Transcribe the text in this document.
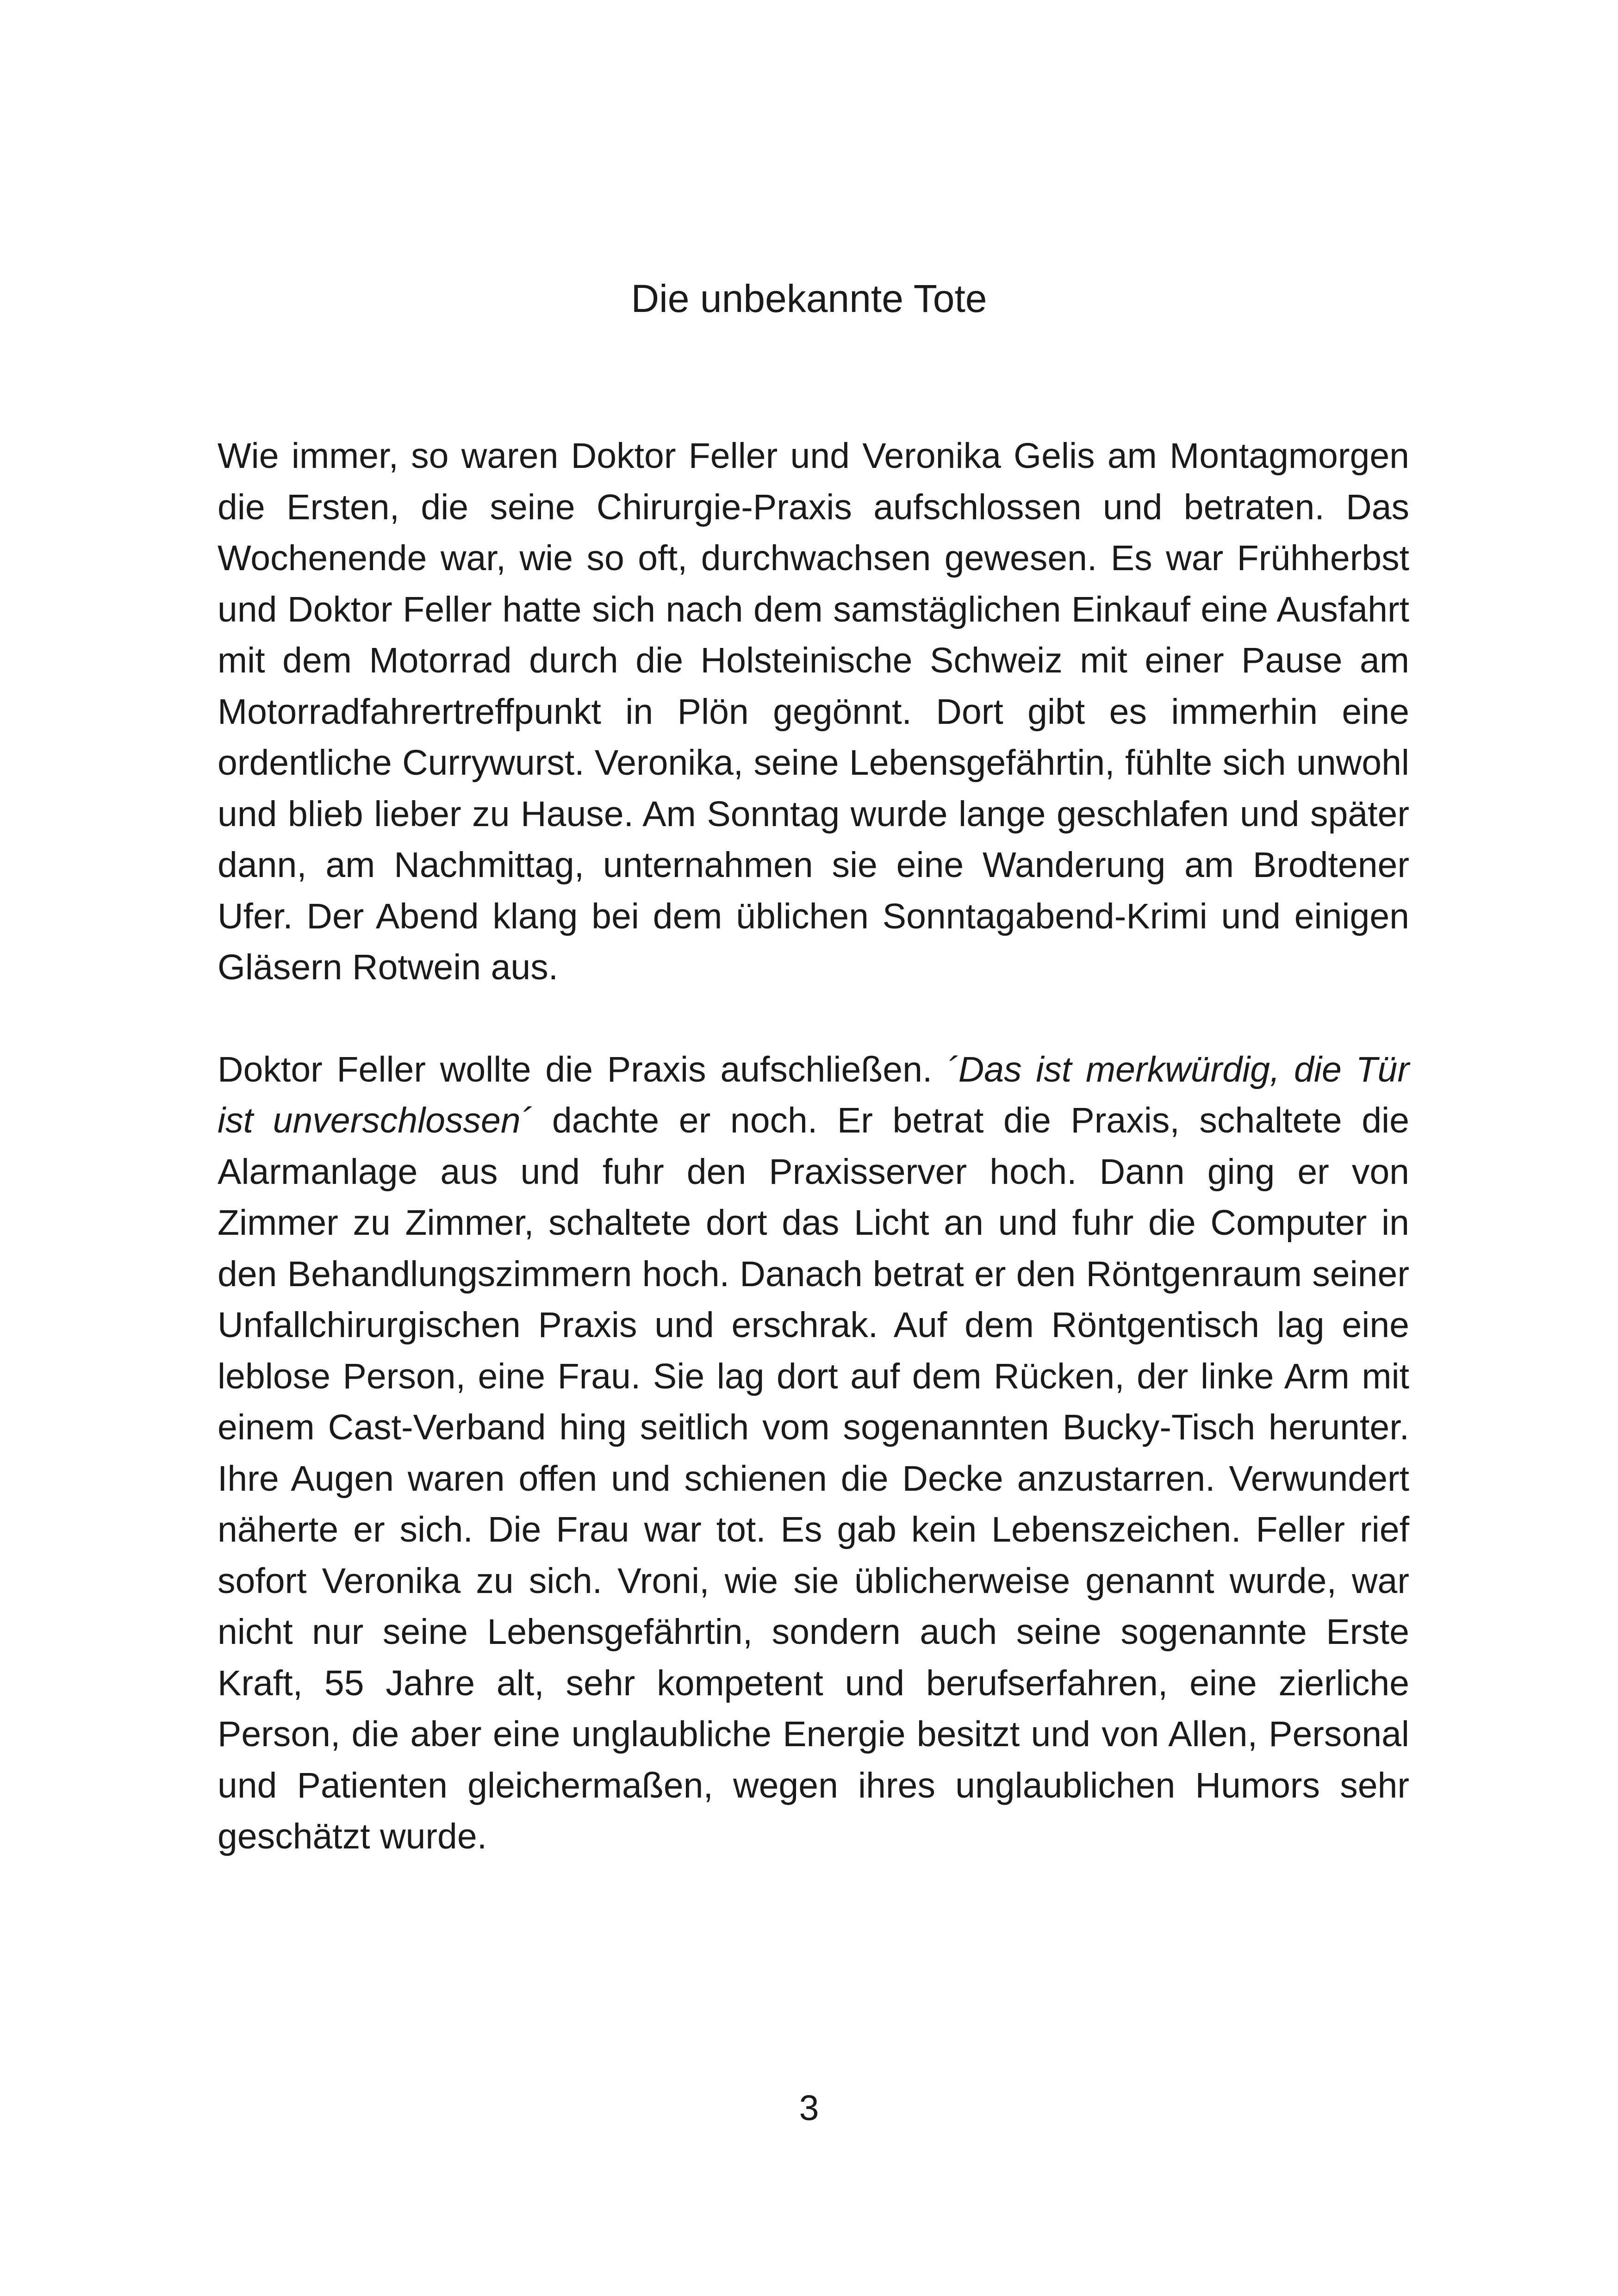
Die unbekannte Tote

Wie immer, so waren Doktor Feller und Veronika Gelis am Montagmorgen die Ersten, die seine Chirurgie-Praxis aufschlossen und betraten. Das Wochenende war, wie so oft, durchwachsen gewesen. Es war Frühherbst und Doktor Feller hatte sich nach dem samstäglichen Einkauf eine Ausfahrt mit dem Motorrad durch die Holsteinische Schweiz mit einer Pause am Motorradfahrertreffpunkt in Plön gegönnt. Dort gibt es immerhin eine ordentliche Currywurst. Veronika, seine Lebensgefährtin, fühlte sich unwohl und blieb lieber zu Hause. Am Sonntag wurde lange geschlafen und später dann, am Nachmittag, unternahmen sie eine Wanderung am Brodtener Ufer. Der Abend klang bei dem üblichen Sonntagabend-Krimi und einigen Gläsern Rotwein aus.

Doktor Feller wollte die Praxis aufschließen. ´Das ist merkwürdig, die Tür ist unverschlossen´ dachte er noch. Er betrat die Praxis, schaltete die Alarmanlage aus und fuhr den Praxisserver hoch. Dann ging er von Zimmer zu Zimmer, schaltete dort das Licht an und fuhr die Computer in den Behandlungszimmern hoch. Danach betrat er den Röntgenraum seiner Unfallchirurgischen Praxis und erschrak. Auf dem Röntgentisch lag eine leblose Person, eine Frau. Sie lag dort auf dem Rücken, der linke Arm mit einem Cast-Verband hing seitlich vom sogenannten Bucky-Tisch herunter. Ihre Augen waren offen und schienen die Decke anzustarren. Verwundert näherte er sich. Die Frau war tot. Es gab kein Lebenszeichen. Feller rief sofort Veronika zu sich. Vroni, wie sie üblicherweise genannt wurde, war nicht nur seine Lebensgefährtin, sondern auch seine sogenannte Erste Kraft, 55 Jahre alt, sehr kompetent und berufserfahren, eine zierliche Person, die aber eine unglaubliche Energie besitzt und von Allen, Personal und Patienten gleichermaßen, wegen ihres unglaublichen Humors sehr geschätzt wurde.

3
